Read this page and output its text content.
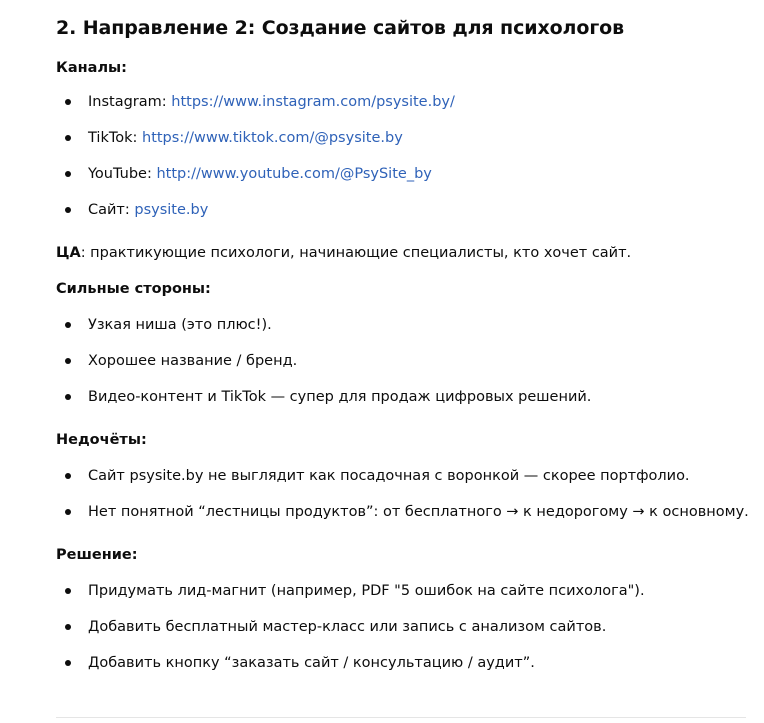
2. Направление 2: Создание сайтов для психологов

Каналы:

Instagram: https://www.instagram.com/psysite.by/
TikTok: https://www.tiktok.com/@psysite.by
YouTube: http://www.youtube.com/@PsySite_by
Сайт: psysite.by

ЦА: практикующие психологи, начинающие специалисты, кто хочет сайт.

Сильные стороны:

Узкая ниша (это плюс!).
Хорошее название / бренд.
Видео-контент и TikTok — супер для продаж цифровых решений.

Недочёты:

Сайт psysite.by не выглядит как посадочная с воронкой — скорее портфолио.
Нет понятной “лестницы продуктов”: от бесплатного → к недорогому → к основному.

Решение:

Придумать лид-магнит (например, PDF "5 ошибок на сайте психолога").
Добавить бесплатный мастер-класс или запись с анализом сайтов.
Добавить кнопку “заказать сайт / консультацию / аудит”.
